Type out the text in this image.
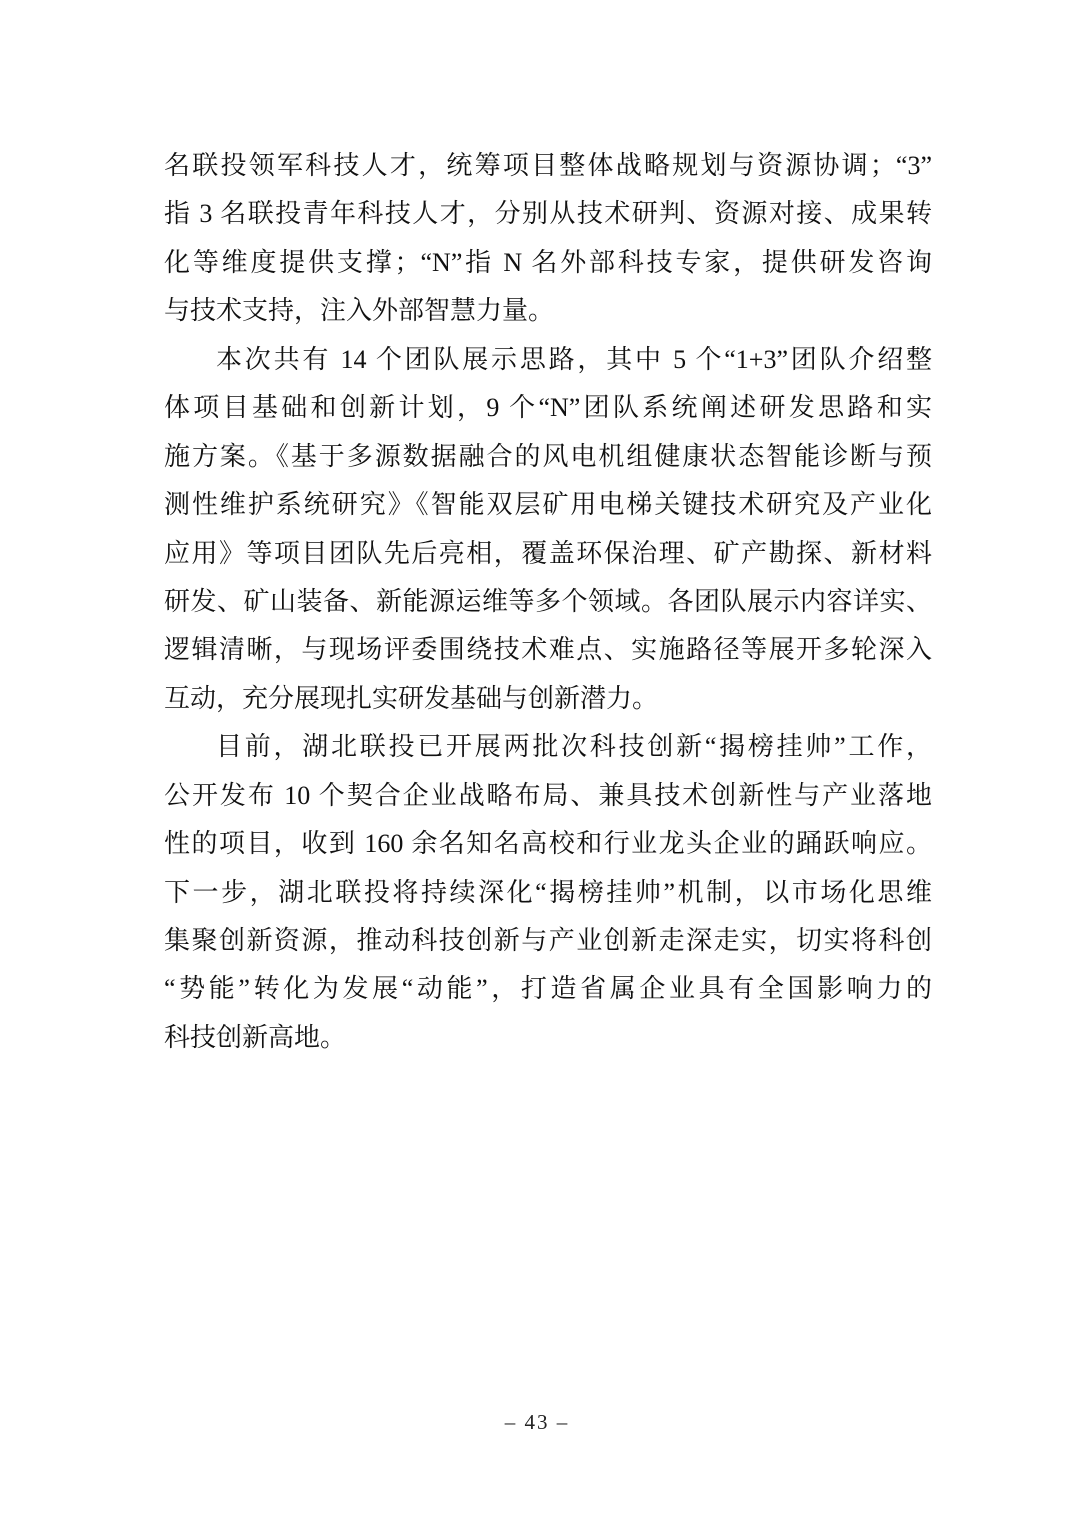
名联投领军科技人才，统筹项目整体战略规划与资源协调；“3”
指 3 名联投青年科技人才，分别从技术研判、资源对接、成果转
化等维度提供支撑；“N”指 N 名外部科技专家，提供研发咨询
与技术支持，注入外部智慧力量。
本次共有 14 个团队展示思路，其中 5 个“1+3”团队介绍整
体项目基础和创新计划，9 个“N”团队系统阐述研发思路和实
施方案。《基于多源数据融合的风电机组健康状态智能诊断与预
测性维护系统研究》《智能双层矿用电梯关键技术研究及产业化
应用》等项目团队先后亮相，覆盖环保治理、矿产勘探、新材料
研发、矿山装备、新能源运维等多个领域。各团队展示内容详实、
逻辑清晰，与现场评委围绕技术难点、实施路径等展开多轮深入
互动，充分展现扎实研发基础与创新潜力。
目前，湖北联投已开展两批次科技创新“揭榜挂帅”工作，
公开发布 10 个契合企业战略布局、兼具技术创新性与产业落地
性的项目，收到 160 余名知名高校和行业龙头企业的踊跃响应。
下一步，湖北联投将持续深化“揭榜挂帅”机制，以市场化思维
集聚创新资源，推动科技创新与产业创新走深走实，切实将科创
“势能”转化为发展“动能”，打造省属企业具有全国影响力的
科技创新高地。
– 43 –
